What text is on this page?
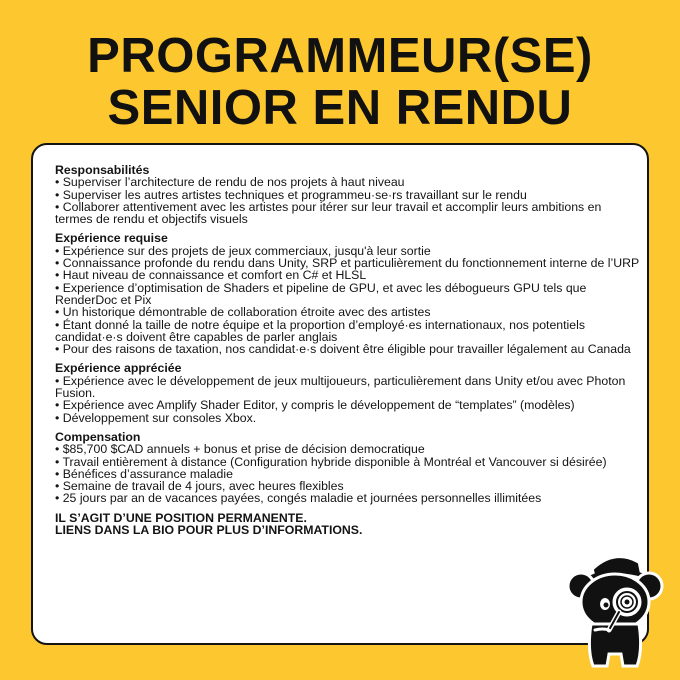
PROGRAMMEUR(SE)
SENIOR EN RENDU
Responsabilités
• Superviser l’architecture de rendu de nos projets à haut niveau
• Superviser les autres artistes techniques et programmeu·se·rs travaillant sur le rendu
• Collaborer attentivement avec les artistes pour itérer sur leur travail et accomplir leurs ambitions en termes de rendu et objectifs visuels
Expérience requise
• Expérience sur des projets de jeux commerciaux, jusqu'à leur sortie
• Connaissance profonde du rendu dans Unity, SRP et particulièrement du fonctionnement interne de l’URP
• Haut niveau de connaissance et comfort en C# et HLSL
• Experience d’optimisation de Shaders et pipeline de GPU, et avec les débogueurs GPU tels que RenderDoc et Pix
• Un historique démontrable de collaboration étroite avec des artistes
• Étant donné la taille de notre équipe et la proportion d’employé·es internationaux, nos potentiels candidat·e·s doivent être capables de parler anglais
• Pour des raisons de taxation, nos candidat·e·s doivent être éligible pour travailler légalement au Canada
Expérience appréciée
• Expérience avec le développement de jeux multijoueurs, particulièrement dans Unity et/ou avec Photon Fusion.
• Expérience avec Amplify Shader Editor, y compris le développement de “templates” (modèles)
• Développement sur consoles Xbox.
Compensation
• $85,700 $CAD annuels + bonus et prise de décision democratique
• Travail entièrement à distance (Configuration hybride disponible à Montréal et Vancouver si désirée)
• Bénéfices d’assurance maladie
• Semaine de travail de 4 jours, avec heures flexibles
• 25 jours par an de vacances payées, congés maladie et journées personnelles illimitées
IL S’AGIT D’UNE POSITION PERMANENTE.
LIENS DANS LA BIO POUR PLUS D’INFORMATIONS.
